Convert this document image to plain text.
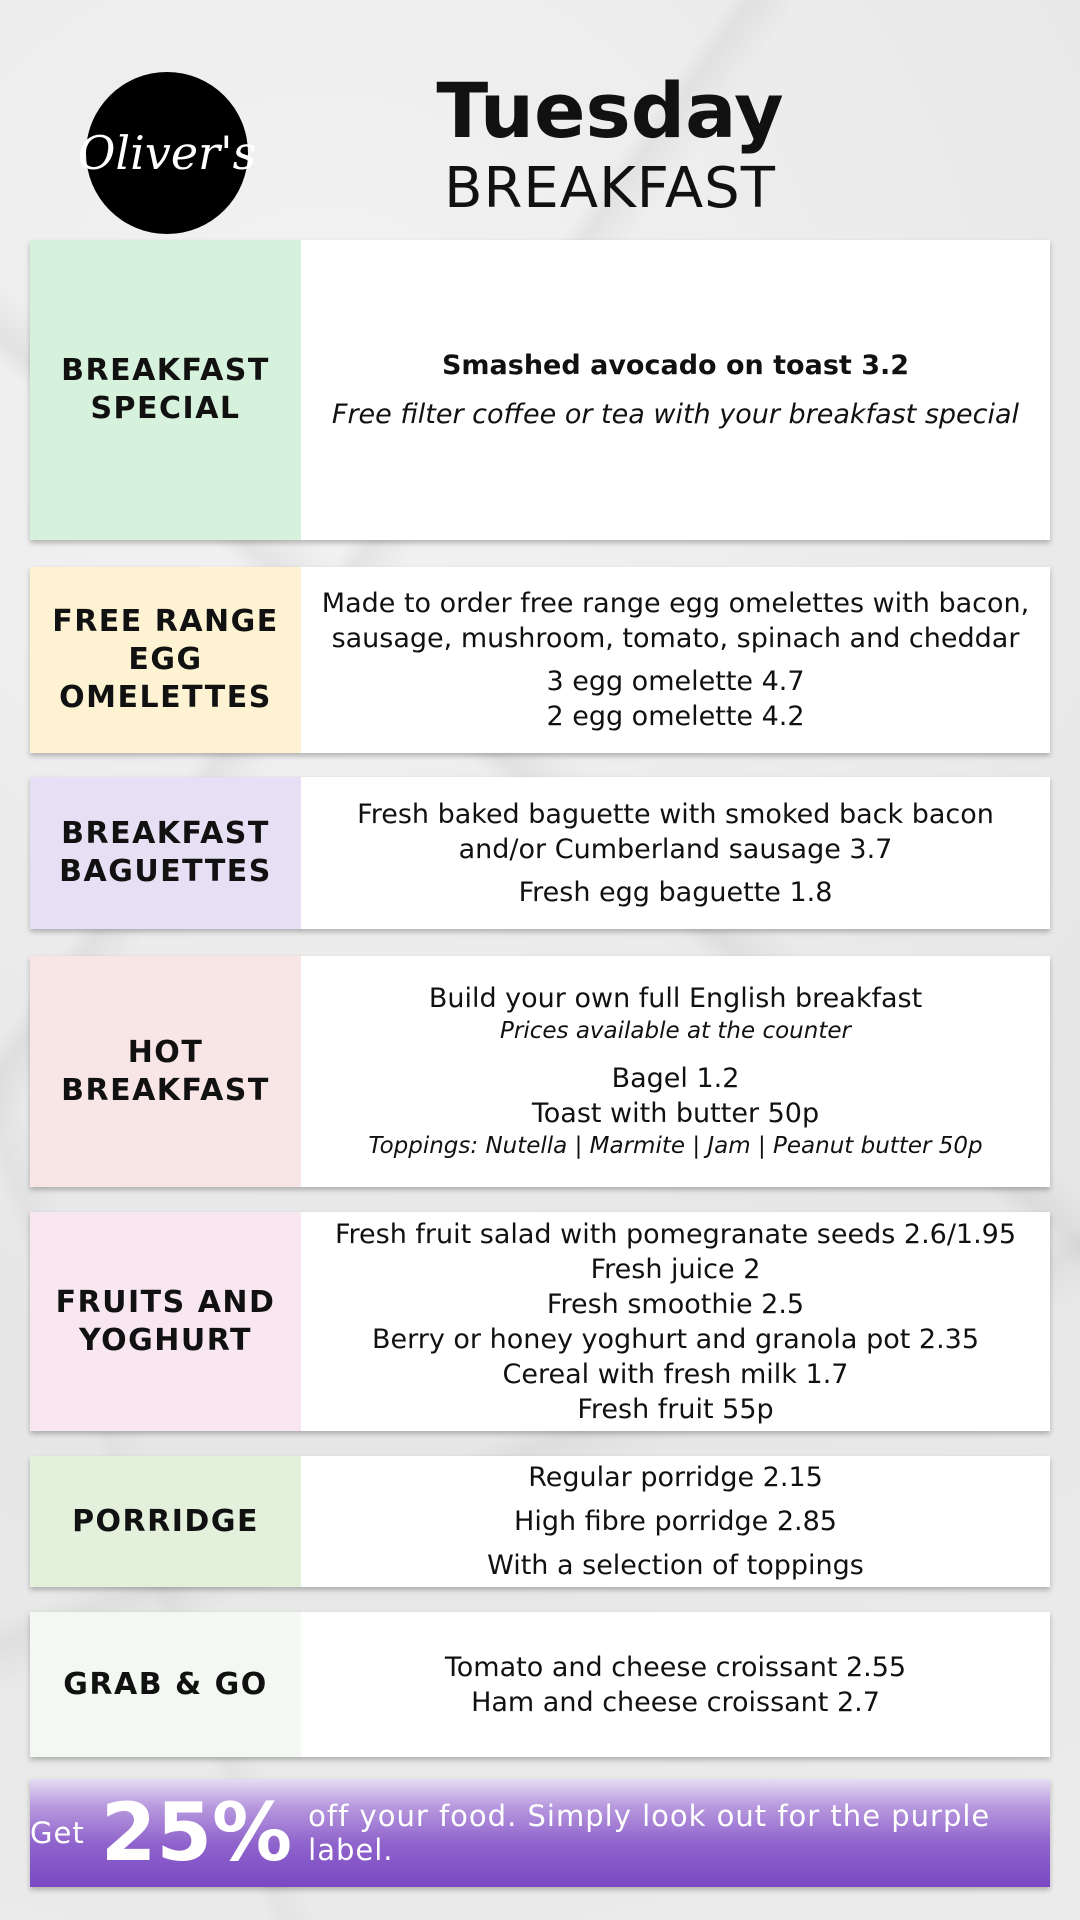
Oliver's	Tuesday
BREAKFAST
BREAKFAST
SPECIAL
Smashed avocado on toast 3.2
Free filter coffee or tea with your breakfast special
FREE RANGE
EGG
OMELETTES
Made to order free range egg omelettes with bacon, sausage, mushroom, tomato, spinach and cheddar
3 egg omelette 4.7
2 egg omelette 4.2
BREAKFAST
BAGUETTES
Fresh baked baguette with smoked back bacon and/or Cumberland sausage 3.7
Fresh egg baguette 1.8
HOT
BREAKFAST
Build your own full English breakfast
Prices available at the counter
Bagel 1.2
Toast with butter 50p
Toppings: Nutella | Marmite | Jam | Peanut butter 50p
FRUITS AND
YOGHURT
Fresh fruit salad with pomegranate seeds 2.6/1.95
Fresh juice 2
Fresh smoothie 2.5
Berry or honey yoghurt and granola pot 2.35
Cereal with fresh milk 1.7
Fresh fruit 55p
PORRIDGE
Regular porridge 2.15
High fibre porridge 2.85
With a selection of toppings
GRAB & GO	Tomato and cheese croissant 2.55
Ham and cheese croissant 2.7
Get 25% off your food. Simply look out for the purple label.
